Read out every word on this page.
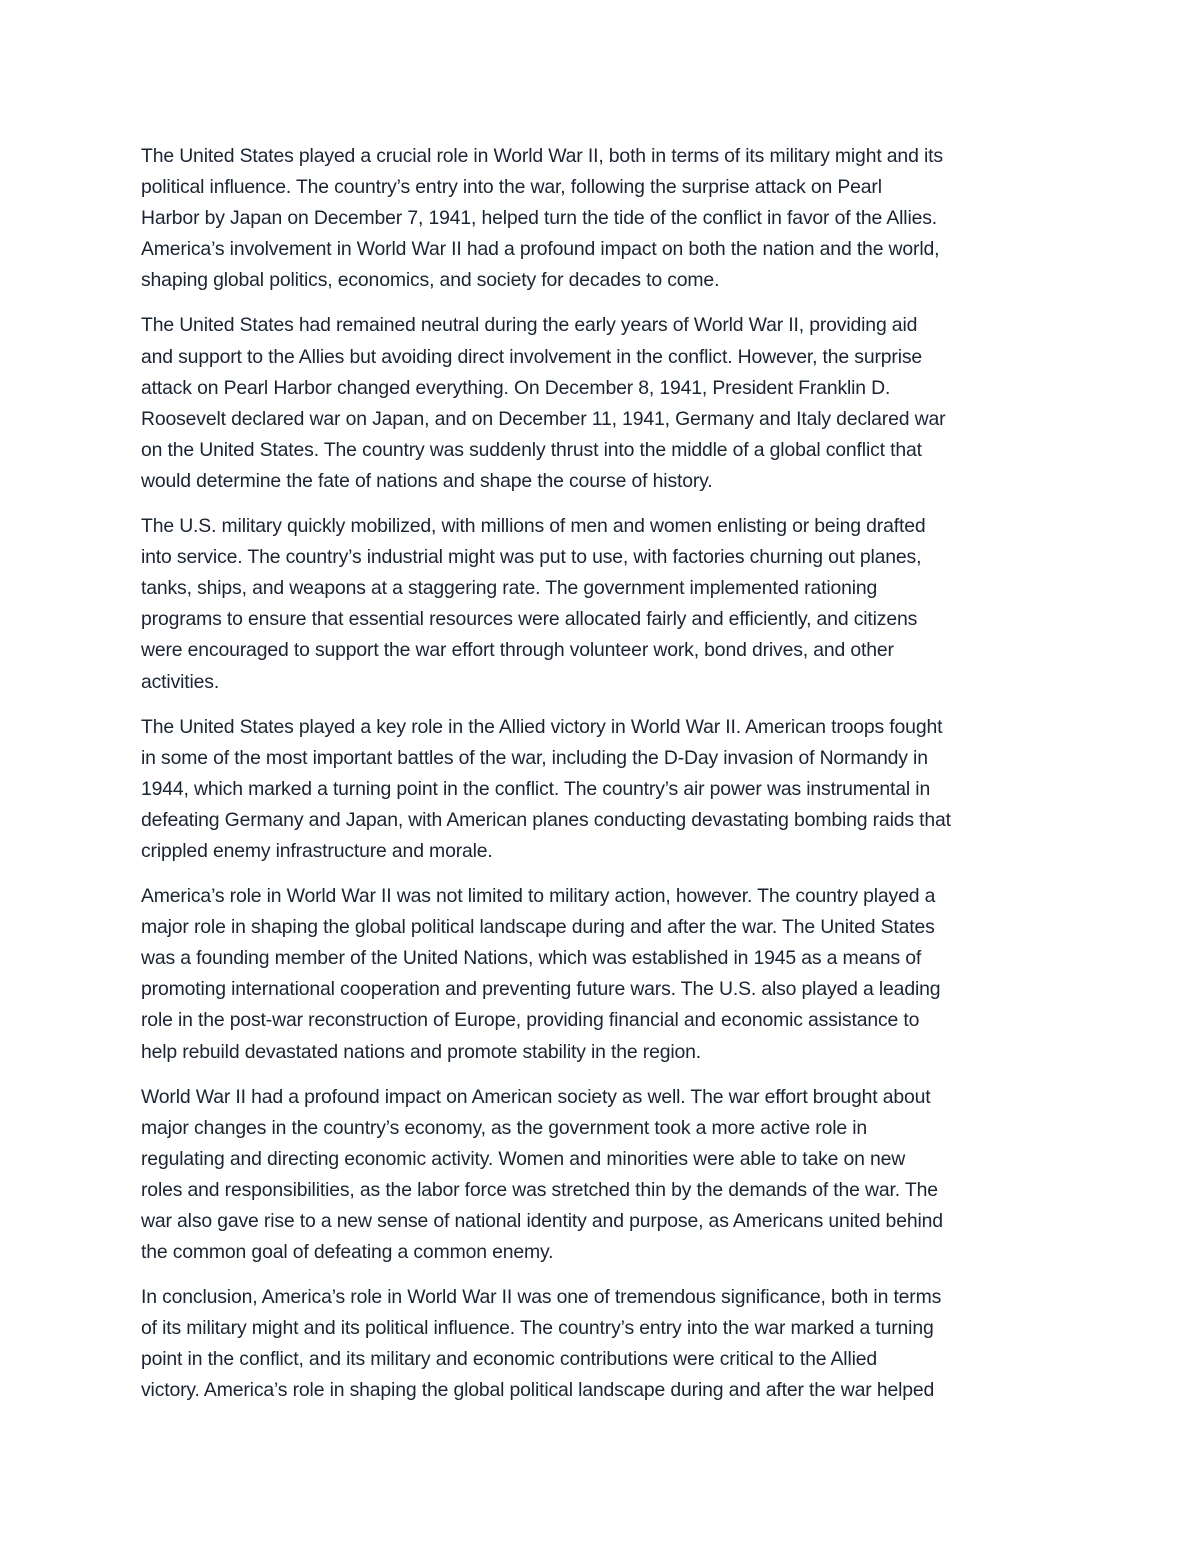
The United States played a crucial role in World War II, both in terms of its military might and its
political influence. The country’s entry into the war, following the surprise attack on Pearl
Harbor by Japan on December 7, 1941, helped turn the tide of the conflict in favor of the Allies.
America’s involvement in World War II had a profound impact on both the nation and the world,
shaping global politics, economics, and society for decades to come.

The United States had remained neutral during the early years of World War II, providing aid
and support to the Allies but avoiding direct involvement in the conflict. However, the surprise
attack on Pearl Harbor changed everything. On December 8, 1941, President Franklin D.
Roosevelt declared war on Japan, and on December 11, 1941, Germany and Italy declared war
on the United States. The country was suddenly thrust into the middle of a global conflict that
would determine the fate of nations and shape the course of history.

The U.S. military quickly mobilized, with millions of men and women enlisting or being drafted
into service. The country’s industrial might was put to use, with factories churning out planes,
tanks, ships, and weapons at a staggering rate. The government implemented rationing
programs to ensure that essential resources were allocated fairly and efficiently, and citizens
were encouraged to support the war effort through volunteer work, bond drives, and other
activities.

The United States played a key role in the Allied victory in World War II. American troops fought
in some of the most important battles of the war, including the D-Day invasion of Normandy in
1944, which marked a turning point in the conflict. The country’s air power was instrumental in
defeating Germany and Japan, with American planes conducting devastating bombing raids that
crippled enemy infrastructure and morale.

America’s role in World War II was not limited to military action, however. The country played a
major role in shaping the global political landscape during and after the war. The United States
was a founding member of the United Nations, which was established in 1945 as a means of
promoting international cooperation and preventing future wars. The U.S. also played a leading
role in the post-war reconstruction of Europe, providing financial and economic assistance to
help rebuild devastated nations and promote stability in the region.

World War II had a profound impact on American society as well. The war effort brought about
major changes in the country’s economy, as the government took a more active role in
regulating and directing economic activity. Women and minorities were able to take on new
roles and responsibilities, as the labor force was stretched thin by the demands of the war. The
war also gave rise to a new sense of national identity and purpose, as Americans united behind
the common goal of defeating a common enemy.

In conclusion, America’s role in World War II was one of tremendous significance, both in terms
of its military might and its political influence. The country’s entry into the war marked a turning
point in the conflict, and its military and economic contributions were critical to the Allied
victory. America’s role in shaping the global political landscape during and after the war helped
